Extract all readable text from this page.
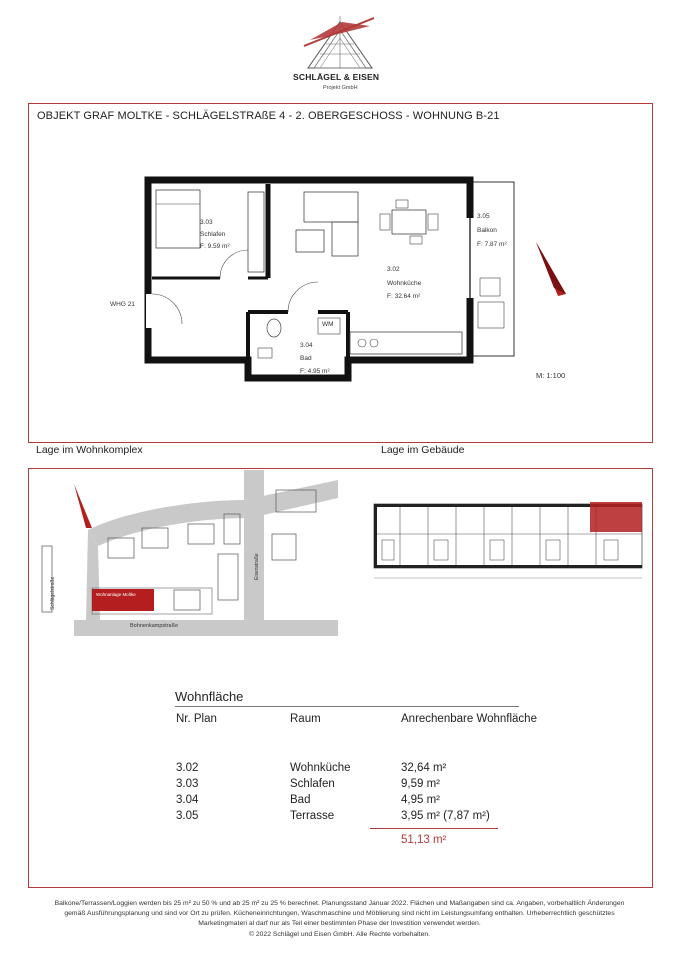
SCHLÄGEL & EISEN
Projekt GmbH
OBJEKT GRAF MOLTKE - SCHLÄGELSTRAßE 4 - 2. OBERGESCHOSS - WOHNUNG B-21
3.03
Schlafen
F: 9.59 m²
3.02
Wohnküche
F: 32.64 m²
3.05
Balkon
F: 7.87 m²
3.04
Bad
F: 4.95 m²
WHG 21
WM
M: 1:100
Lage im Wohnkomplex	Lage im Gebäude
Wohnanlage Moltke
Schlägelstraße
Eisenstraße
Bohnenkampstraße
Wohnfläche
Nr. Plan	Raum	Anrechenbare Wohnfläche
3.02	Wohnküche	32,64 m²
3.03	Schlafen	9,59 m²
3.04	Bad	4,95 m²
3.05	Terrasse	3,95 m² (7,87 m²)
51,13 m²
Balkone/Terrassen/Loggien werden bis 25 m² zu 50 % und ab 25 m² zu 25 % berechnet. Planungsstand Januar 2022. Flächen und Maßangaben sind ca. Angaben, vorbehaltlich Änderungen
gemäß Ausführungsplanung und sind vor Ort zu prüfen. Kücheneinrichtungen, Waschmaschine und Möblierung sind nicht im Leistungsumfang enthalten. Urheberrechtlich geschütztes
Marketingmateri al darf nur als Teil einer bestimmten Phase der Investition verwendet werden.
© 2022 Schlägel und Eisen GmbH. Alle Rechte vorbehalten.
